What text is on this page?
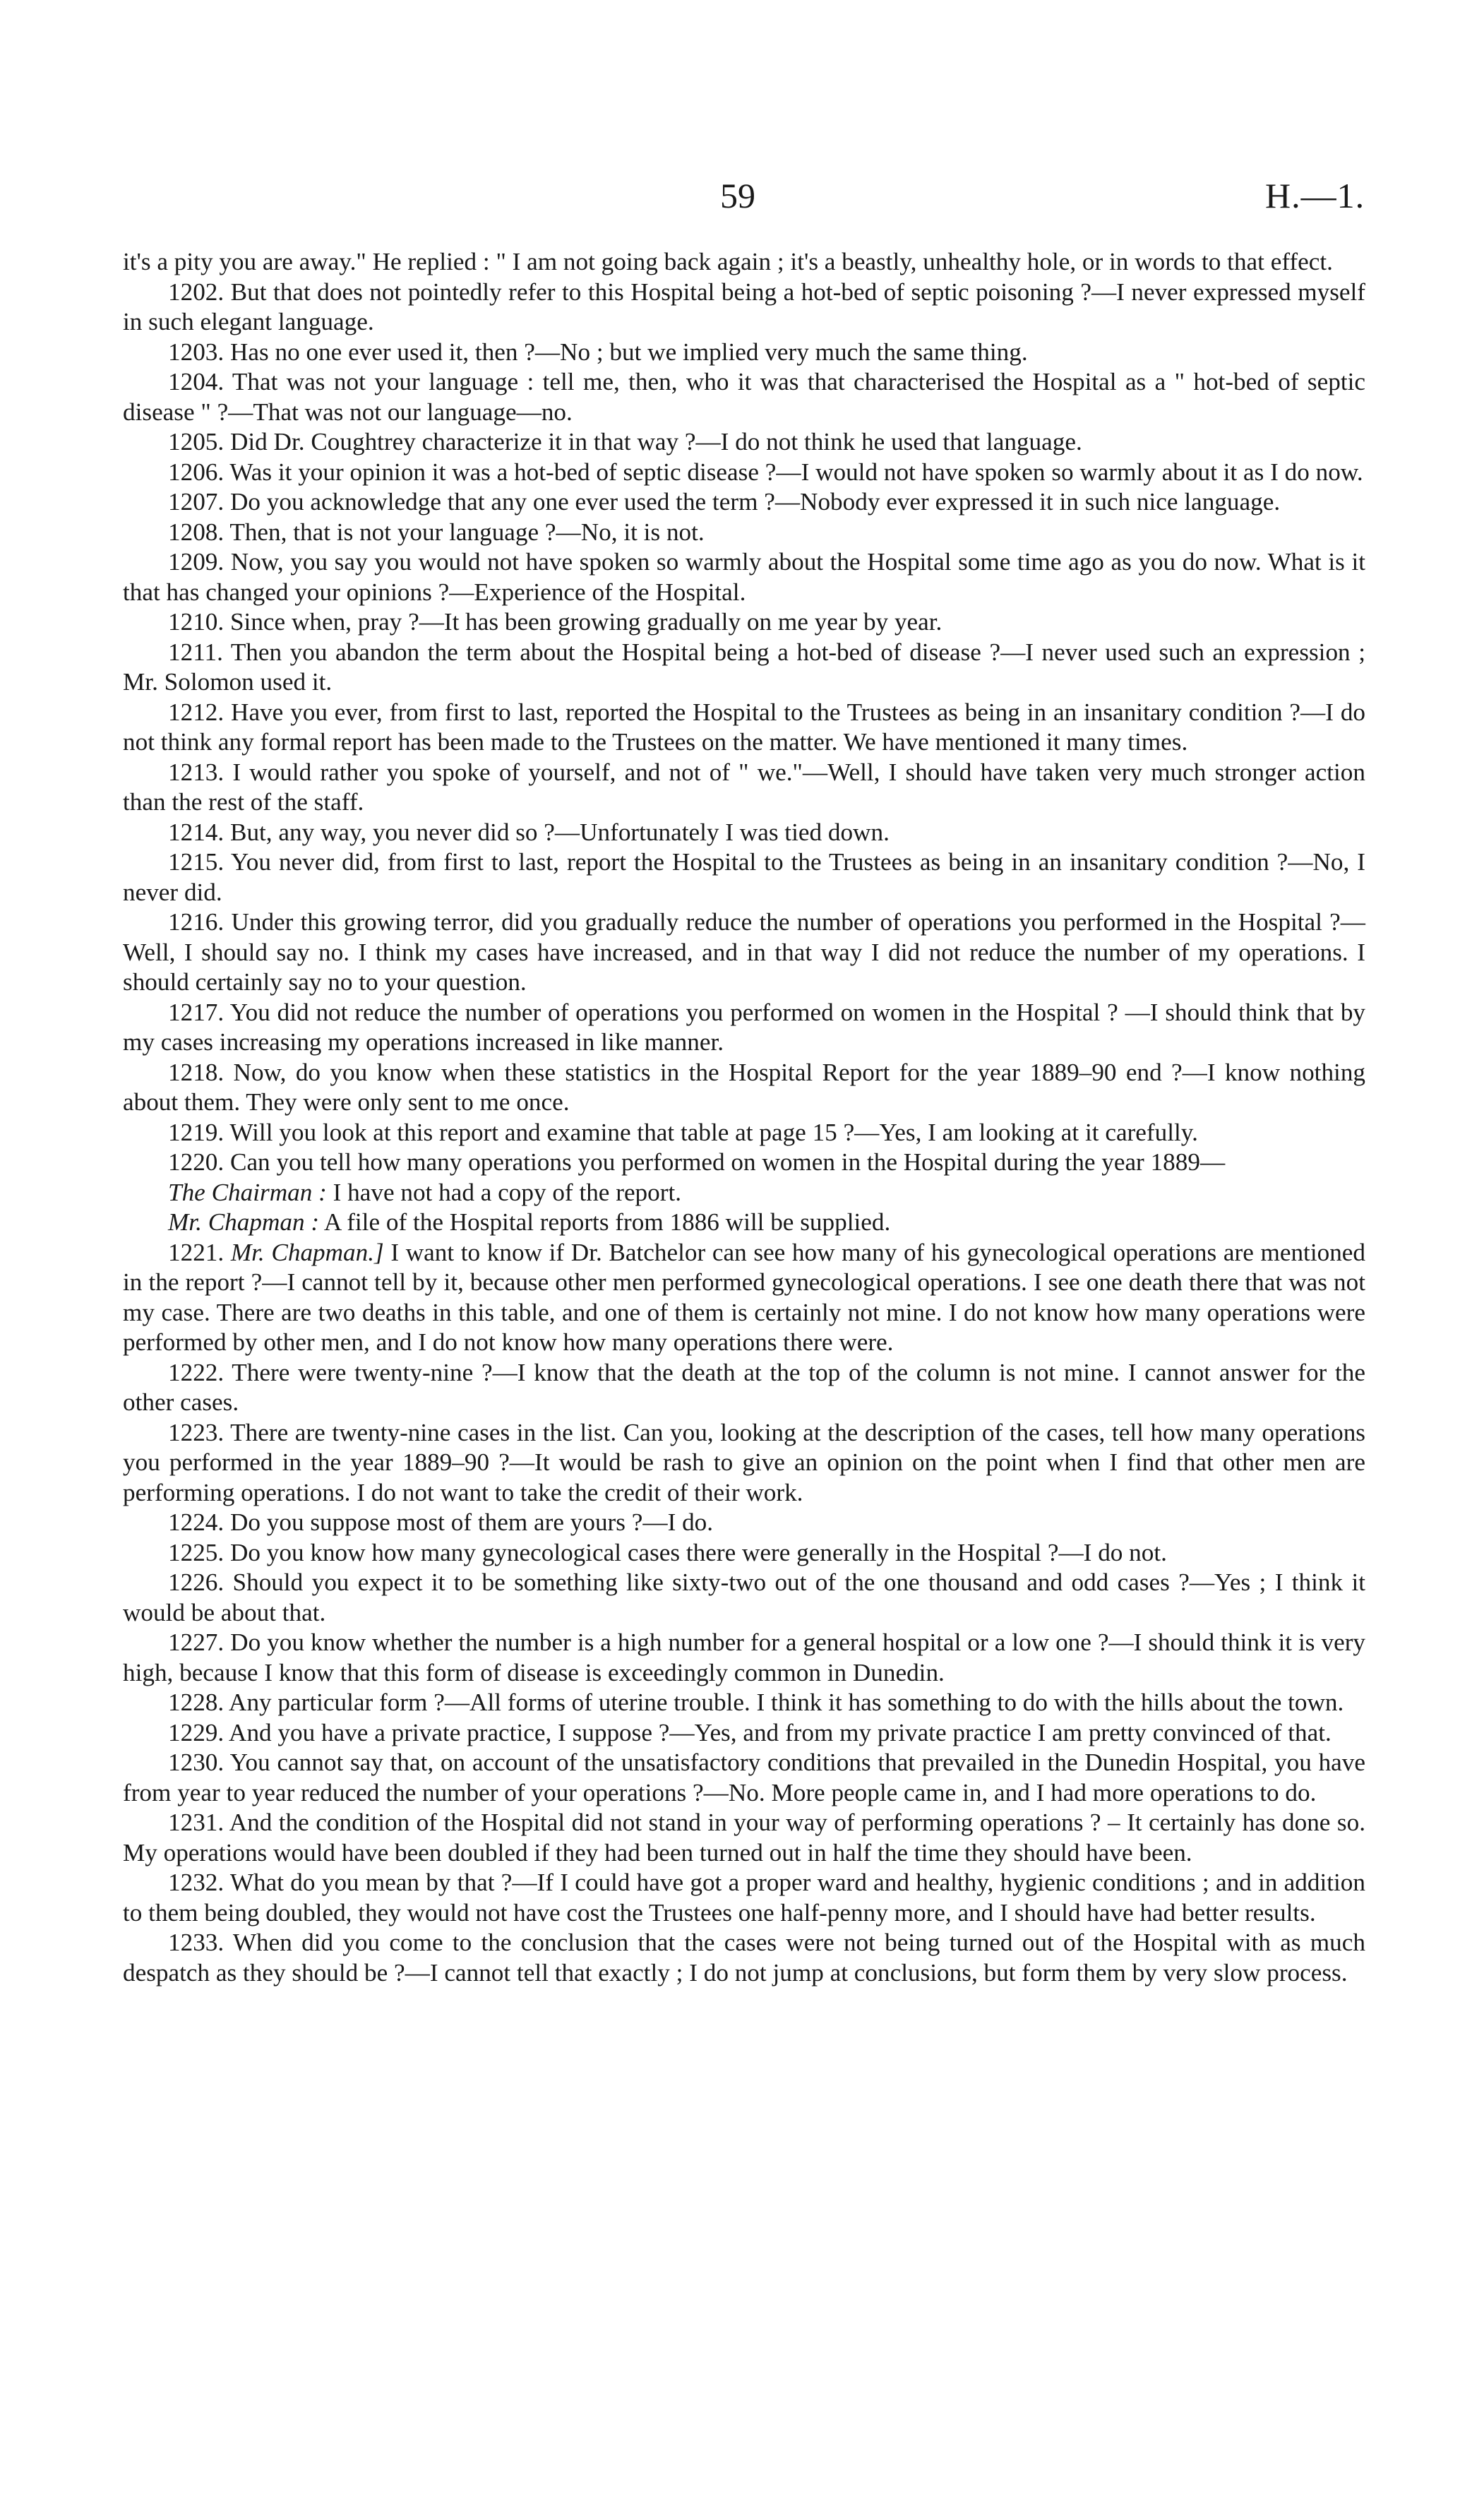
59	H.—1.

it's a pity you are away." He replied : " I am not going back again ; it's a beastly, unhealthy hole, or in words to that effect.

1202. But that does not pointedly refer to this Hospital being a hot-bed of septic poisoning ?—I never expressed myself in such elegant language.

1203. Has no one ever used it, then ?—No ; but we implied very much the same thing.

1204. That was not your language : tell me, then, who it was that characterised the Hospital as a " hot-bed of septic disease " ?—That was not our language—no.

1205. Did Dr. Coughtrey characterize it in that way ?—I do not think he used that language.

1206. Was it your opinion it was a hot-bed of septic disease ?—I would not have spoken so warmly about it as I do now.

1207. Do you acknowledge that any one ever used the term ?—Nobody ever expressed it in such nice language.

1208. Then, that is not your language ?—No, it is not.

1209. Now, you say you would not have spoken so warmly about the Hospital some time ago as you do now. What is it that has changed your opinions ?—Experience of the Hospital.

1210. Since when, pray ?—It has been growing gradually on me year by year.

1211. Then you abandon the term about the Hospital being a hot-bed of disease ?—I never used such an expression ; Mr. Solomon used it.

1212. Have you ever, from first to last, reported the Hospital to the Trustees as being in an insanitary condition ?—I do not think any formal report has been made to the Trustees on the matter. We have mentioned it many times.

1213. I would rather you spoke of yourself, and not of " we."—Well, I should have taken very much stronger action than the rest of the staff.

1214. But, any way, you never did so ?—Unfortunately I was tied down.

1215. You never did, from first to last, report the Hospital to the Trustees as being in an insanitary condition ?—No, I never did.

1216. Under this growing terror, did you gradually reduce the number of operations you performed in the Hospital ?—Well, I should say no. I think my cases have increased, and in that way I did not reduce the number of my operations. I should certainly say no to your question.

1217. You did not reduce the number of operations you performed on women in the Hospital ? —I should think that by my cases increasing my operations increased in like manner.

1218. Now, do you know when these statistics in the Hospital Report for the year 1889–90 end ?—I know nothing about them. They were only sent to me once.

1219. Will you look at this report and examine that table at page 15 ?—Yes, I am looking at it carefully.

1220. Can you tell how many operations you performed on women in the Hospital during the year 1889—

The Chairman : I have not had a copy of the report.

Mr. Chapman : A file of the Hospital reports from 1886 will be supplied.

1221. Mr. Chapman.] I want to know if Dr. Batchelor can see how many of his gynecological operations are mentioned in the report ?—I cannot tell by it, because other men performed gynecological operations. I see one death there that was not my case. There are two deaths in this table, and one of them is certainly not mine. I do not know how many operations were performed by other men, and I do not know how many operations there were.

1222. There were twenty-nine ?—I know that the death at the top of the column is not mine. I cannot answer for the other cases.

1223. There are twenty-nine cases in the list. Can you, looking at the description of the cases, tell how many operations you performed in the year 1889–90 ?—It would be rash to give an opinion on the point when I find that other men are performing operations. I do not want to take the credit of their work.

1224. Do you suppose most of them are yours ?—I do.

1225. Do you know how many gynecological cases there were generally in the Hospital ?—I do not.

1226. Should you expect it to be something like sixty-two out of the one thousand and odd cases ?—Yes ; I think it would be about that.

1227. Do you know whether the number is a high number for a general hospital or a low one ?—I should think it is very high, because I know that this form of disease is exceedingly common in Dunedin.

1228. Any particular form ?—All forms of uterine trouble. I think it has something to do with the hills about the town.

1229. And you have a private practice, I suppose ?—Yes, and from my private practice I am pretty convinced of that.

1230. You cannot say that, on account of the unsatisfactory conditions that prevailed in the Dunedin Hospital, you have from year to year reduced the number of your operations ?—No. More people came in, and I had more operations to do.

1231. And the condition of the Hospital did not stand in your way of performing operations ? – It certainly has done so. My operations would have been doubled if they had been turned out in half the time they should have been.

1232. What do you mean by that ?—If I could have got a proper ward and healthy, hygienic conditions ; and in addition to them being doubled, they would not have cost the Trustees one half-penny more, and I should have had better results.

1233. When did you come to the conclusion that the cases were not being turned out of the Hospital with as much despatch as they should be ?—I cannot tell that exactly ; I do not jump at conclusions, but form them by very slow process.
